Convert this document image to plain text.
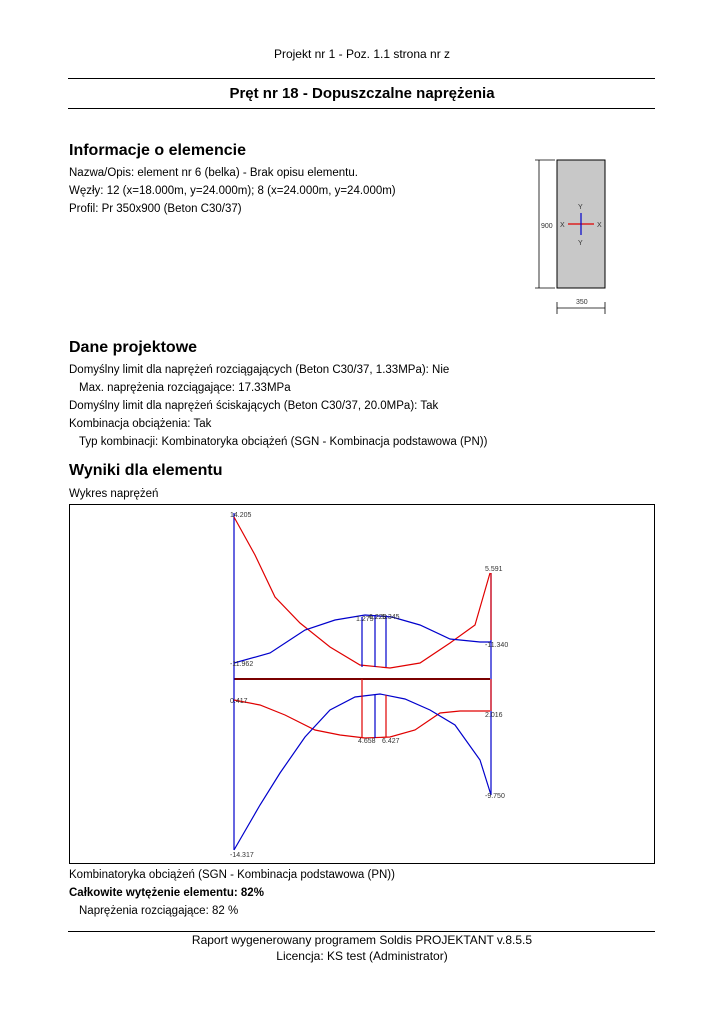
Projekt nr 1 - Poz. 1.1 strona nr z
Pręt nr 18 - Dopuszczalne naprężenia
Informacje o elemencie
Nazwa/Opis: element nr 6 (belka) - Brak opisu elementu.
Węzły: 12 (x=18.000m, y=24.000m); 8 (x=24.000m, y=24.000m)
Profil: Pr 350x900 (Beton C30/37)
900
350
Y
Y
X	X
Dane projektowe
Domyślny limit dla naprężeń rozciągających (Beton C30/37, 1.33MPa): Nie
Max. naprężenia rozciągające: 17.33MPa
Domyślny limit dla naprężeń ściskających (Beton C30/37, 20.0MPa): Tak
Kombinacja obciążenia: Tak
Typ kombinacji: Kombinatoryka obciążeń (SGN - Kombinacja podstawowa (PN))
Wyniki dla elementu
Wykres naprężeń
14.205
-11.962
1.275
6.220
5.345
5.591
-11.340
0.417
4.658 6.427
2.016
-9.750
-14.317
Kombinatoryka obciążeń (SGN - Kombinacja podstawowa (PN))
Całkowite wytężenie elementu: 82%
Naprężenia rozciągające: 82 %
Raport wygenerowany programem Soldis PROJEKTANT v.8.5.5
Licencja: KS test (Administrator)
